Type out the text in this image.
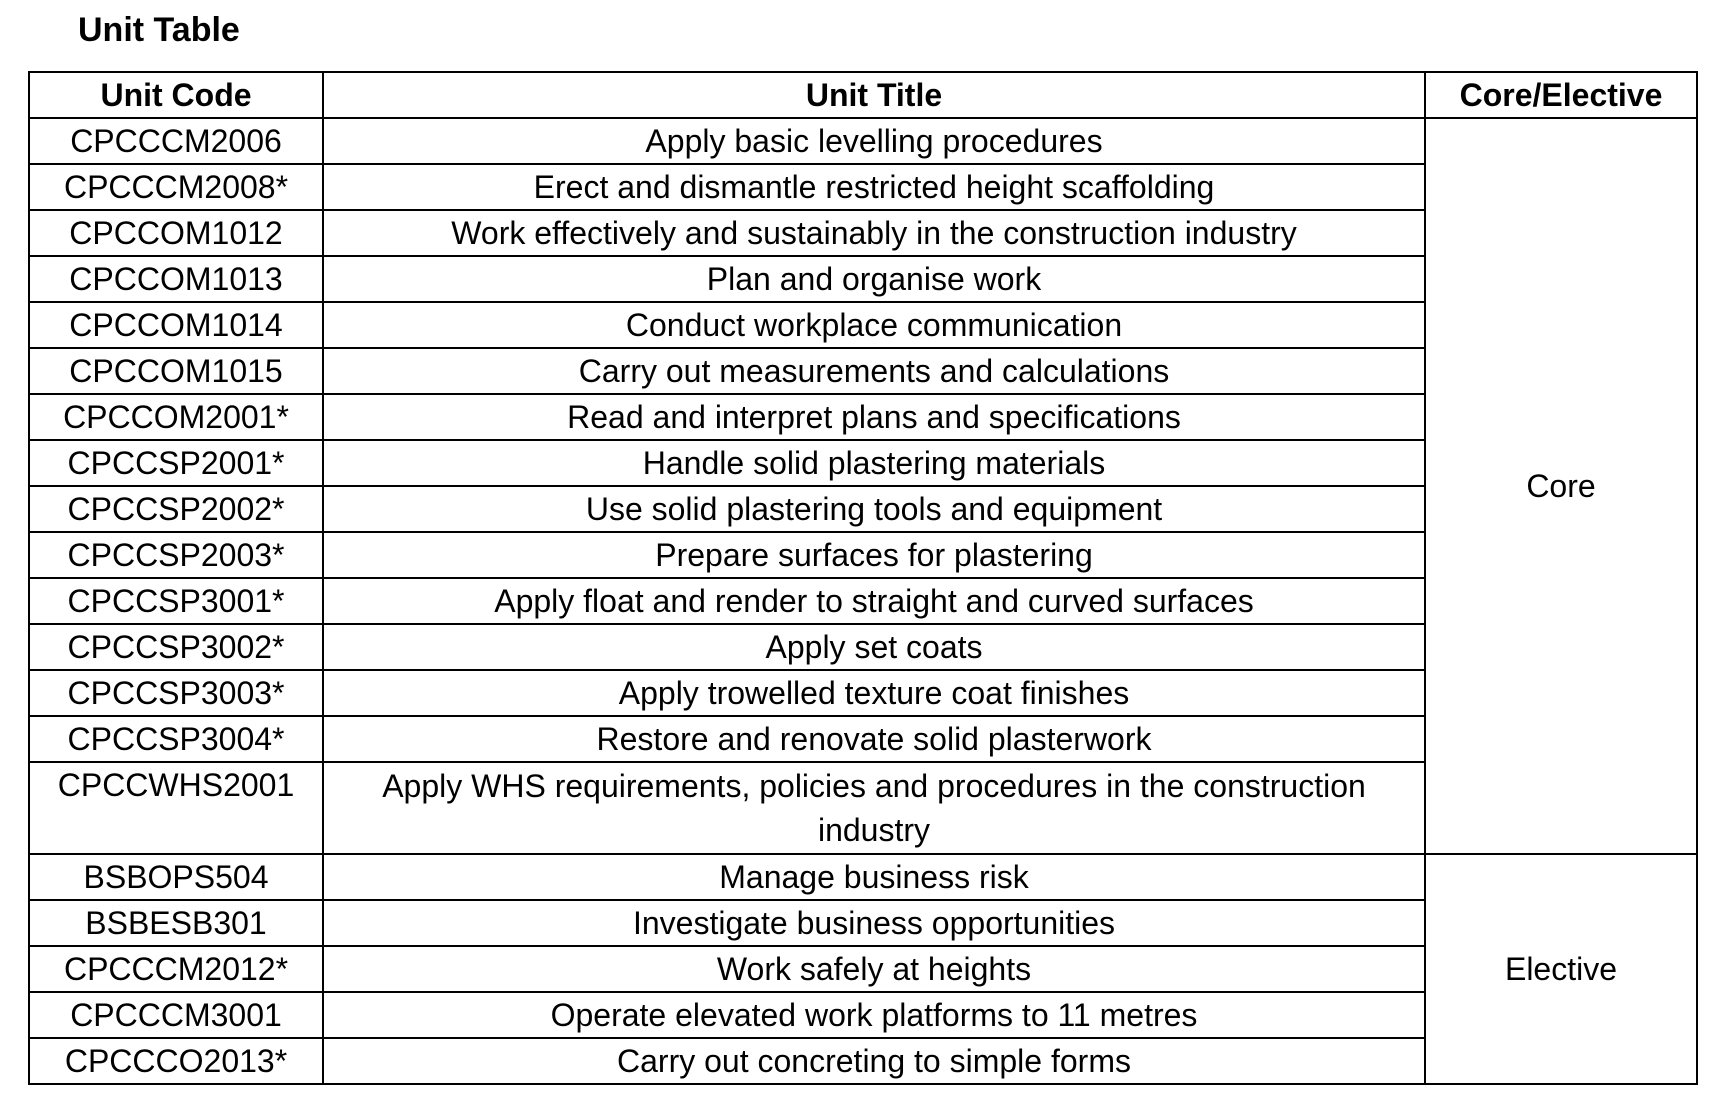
Unit Table
Unit Code	Unit Title	Core/Elective
CPCCCM2006	Apply basic levelling procedures	Core
CPCCCM2008*	Erect and dismantle restricted height scaffolding	
CPCCOM1012	Work effectively and sustainably in the construction industry	
CPCCOM1013	Plan and organise work	
CPCCOM1014	Conduct workplace communication	
CPCCOM1015	Carry out measurements and calculations	
CPCCOM2001*	Read and interpret plans and specifications	
CPCCSP2001*	Handle solid plastering materials	
CPCCSP2002*	Use solid plastering tools and equipment	
CPCCSP2003*	Prepare surfaces for plastering	
CPCCSP3001*	Apply float and render to straight and curved surfaces	
CPCCSP3002*	Apply set coats	
CPCCSP3003*	Apply trowelled texture coat finishes	
CPCCSP3004*	Restore and renovate solid plasterwork	
CPCCWHS2001	Apply WHS requirements, policies and procedures in the construction industry	
BSBOPS504	Manage business risk	Elective
BSBESB301	Investigate business opportunities	
CPCCCM2012*	Work safely at heights	
CPCCCM3001	Operate elevated work platforms to 11 metres	
CPCCCO2013*	Carry out concreting to simple forms	
